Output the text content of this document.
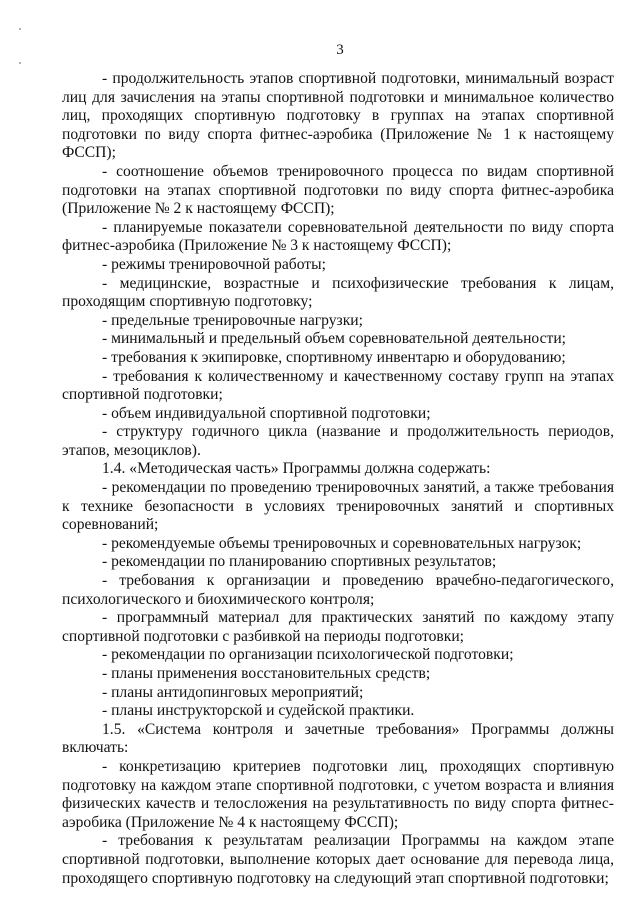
3

- продолжительность этапов спортивной подготовки, минимальный возраст лиц для зачисления на этапы спортивной подготовки и минимальное количество лиц, проходящих спортивную подготовку в группах на этапах спортивной подготовки по виду спорта фитнес-аэробика (Приложение № 1 к настоящему ФССП);

- соотношение объемов тренировочного процесса по видам спортивной подготовки на этапах спортивной подготовки по виду спорта фитнес-аэробика (Приложение № 2 к настоящему ФССП);

- планируемые показатели соревновательной деятельности по виду спорта фитнес-аэробика (Приложение № 3 к настоящему ФССП);

- режимы тренировочной работы;

- медицинские, возрастные и психофизические требования к лицам, проходящим спортивную подготовку;

- предельные тренировочные нагрузки;

- минимальный и предельный объем соревновательной деятельности;

- требования к экипировке, спортивному инвентарю и оборудованию;

- требования к количественному и качественному составу групп на этапах спортивной подготовки;

- объем индивидуальной спортивной подготовки;

- структуру годичного цикла (название и продолжительность периодов, этапов, мезоциклов).

1.4. «Методическая часть» Программы должна содержать:

- рекомендации по проведению тренировочных занятий, а также требования к технике безопасности в условиях тренировочных занятий и спортивных соревнований;

- рекомендуемые объемы тренировочных и соревновательных нагрузок;

- рекомендации по планированию спортивных результатов;

- требования к организации и проведению врачебно-педагогического, психологического и биохимического контроля;

- программный материал для практических занятий по каждому этапу спортивной подготовки с разбивкой на периоды подготовки;

- рекомендации по организации психологической подготовки;

- планы применения восстановительных средств;

- планы антидопинговых мероприятий;

- планы инструкторской и судейской практики.

1.5. «Система контроля и зачетные требования» Программы должны включать:

- конкретизацию критериев подготовки лиц, проходящих спортивную подготовку на каждом этапе спортивной подготовки, с учетом возраста и влияния физических качеств и телосложения на результативность по виду спорта фитнес-аэробика (Приложение № 4 к настоящему ФССП);

- требования к результатам реализации Программы на каждом этапе спортивной подготовки, выполнение которых дает основание для перевода лица, проходящего спортивную подготовку на следующий этап спортивной подготовки;
